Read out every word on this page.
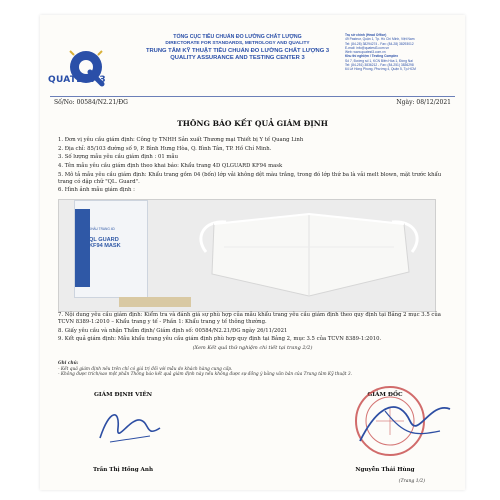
QUATEST 3
TỔNG CỤC TIÊU CHUẨN ĐO LƯỜNG CHẤT LƯỢNG
DIRECTORATE FOR STANDARDS, METROLOGY AND QUALITY
TRUNG TÂM KỸ THUẬT TIÊU CHUẨN ĐO LƯỜNG CHẤT LƯỢNG 3
QUALITY ASSURANCE AND TESTING CENTER 3
Trụ sở chính (Head Office)
49 Pasteur, Quận 1, Tp. Hồ Chí Minh, Việt Nam
Tel: (84-28) 38294274 - Fax: (84-28) 38293012
E-mail: info@quatest3.com.vn
Web: www.quatest3.com.vn
Khu thí nghiệm / Testing Complex
Số 7, Đường số 1, KCN Biên Hòa 1, Đồng Nai
Tel: (84-251) 3836212 - Fax: (84-251) 3836298
64 Lê Hồng Phong, Phường 4, Quận 5, Tp.HCM
Số/No: 00584/N2.21/ĐG	Ngày: 08/12/2021
THÔNG BÁO KẾT QUẢ GIÁM ĐỊNH
1. Đơn vị yêu cầu giám định: Công ty TNHH Sản xuất Thương mại Thiết bị Y tế Quang Linh
2. Địa chỉ: 85/103 đường số 9, P. Bình Hưng Hòa, Q. Bình Tân, TP. Hồ Chí Minh.
3. Số lượng mẫu yêu cầu giám định : 01 mẫu
4. Tên mẫu yêu cầu giám định theo khai báo: Khẩu trang 4D QLGUARD KF94 mask
5. Mô tả mẫu yêu cầu giám định: Khẩu trang gồm 04 (bốn) lớp vải không dệt màu trắng, trong đó lớp thứ ba là vải melt blown, mặt trước khẩu trang có dập chữ "QL. Guard".
6. Hình ảnh mẫu giám định :
KHẨU TRANG 4D
QL GUARD
KF94 MASK
7. Nội dung yêu cầu giám định: Kiểm tra và đánh giá sự phù hợp của mẫu khẩu trang yêu cầu giám định theo quy định tại Bảng 2 mục 3.5 của TCVN 8389-1:2010 – Khẩu trang y tế - Phần 1: Khẩu trang y tế thông thường.
8. Giấy yêu cầu và nhận Thẩm định/ Giám định số: 00584/N2.21/ĐG ngày 26/11/2021
9. Kết quả giám định: Mẫu khẩu trang yêu cầu giám định phù hợp quy định tại Bảng 2, mục 3.5 của TCVN 8389-1:2010.
(Xem Kết quả thử nghiệm chi tiết tại trang 2/2)
Ghi chú:
- Kết quả giám định nêu trên chỉ có giá trị đối với mẫu do khách hàng cung cấp.
- Không được trích/sao một phần Thông báo kết quả giám định này nếu không được sự đồng ý bằng văn bản của Trung tâm Kỹ thuật 3.
GIÁM ĐỊNH VIÊN	GIÁM ĐỐC
Trần Thị Hồng Anh	Nguyễn Thái Hùng
(Trang 1/2)
